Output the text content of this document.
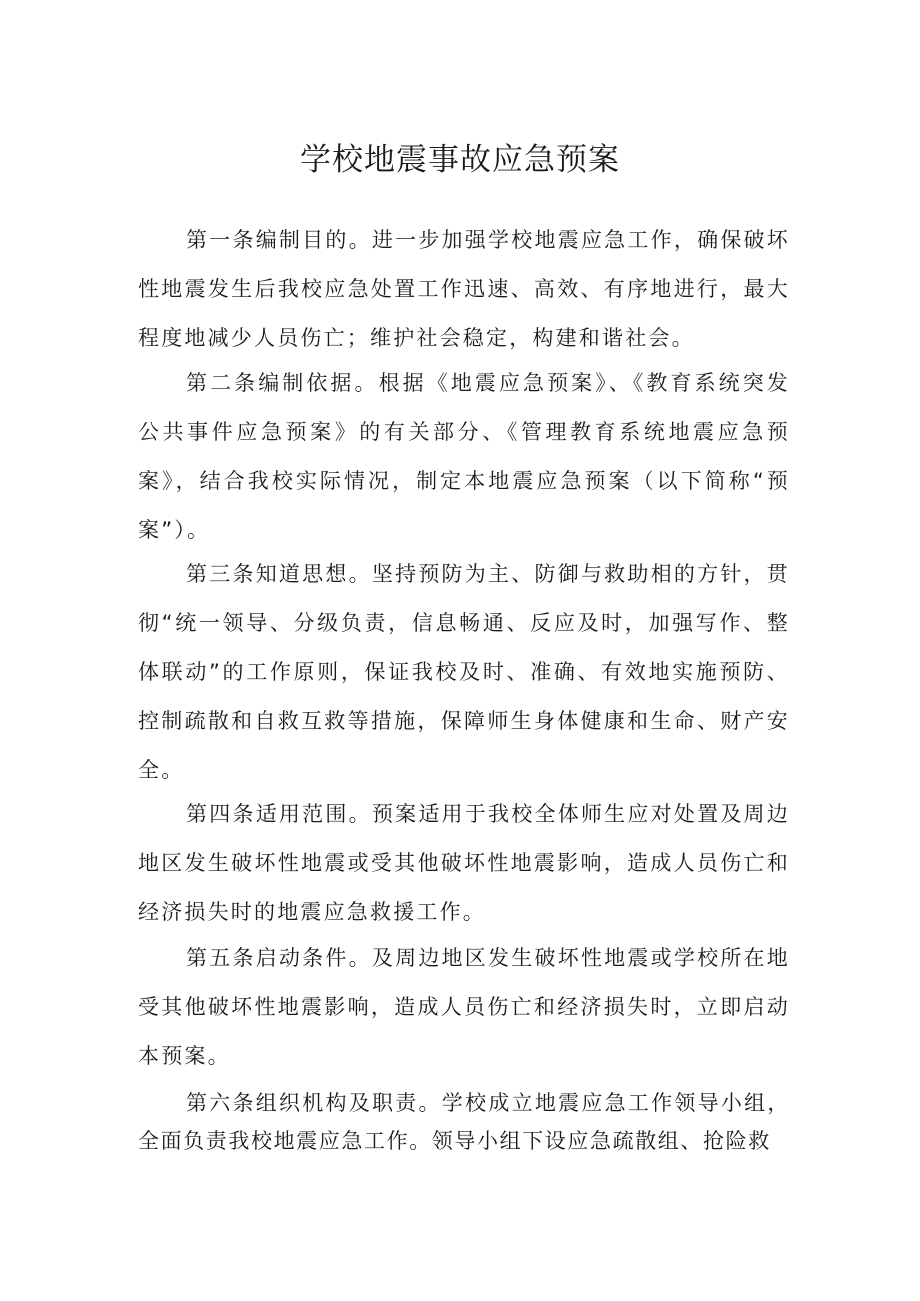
学校地震事故应急预案

第一条编制目的。进一步加强学校地震应急工作，确保破坏性地震发生后我校应急处置工作迅速、高效、有序地进行，最大程度地减少人员伤亡；维护社会稳定，构建和谐社会。

第二条编制依据。根据《地震应急预案》、《教育系统突发公共事件应急预案》的有关部分、《管理教育系统地震应急预案》，结合我校实际情况，制定本地震应急预案（以下简称“预案”）。

第三条知道思想。坚持预防为主、防御与救助相的方针，贯彻“统一领导、分级负责，信息畅通、反应及时，加强写作、整体联动”的工作原则，保证我校及时、准确、有效地实施预防、控制疏散和自救互救等措施，保障师生身体健康和生命、财产安全。

第四条适用范围。预案适用于我校全体师生应对处置及周边地区发生破坏性地震或受其他破坏性地震影响，造成人员伤亡和经济损失时的地震应急救援工作。

第五条启动条件。及周边地区发生破坏性地震或学校所在地受其他破坏性地震影响，造成人员伤亡和经济损失时，立即启动本预案。

第六条组织机构及职责。学校成立地震应急工作领导小组，全面负责我校地震应急工作。领导小组下设应急疏散组、抢险救
